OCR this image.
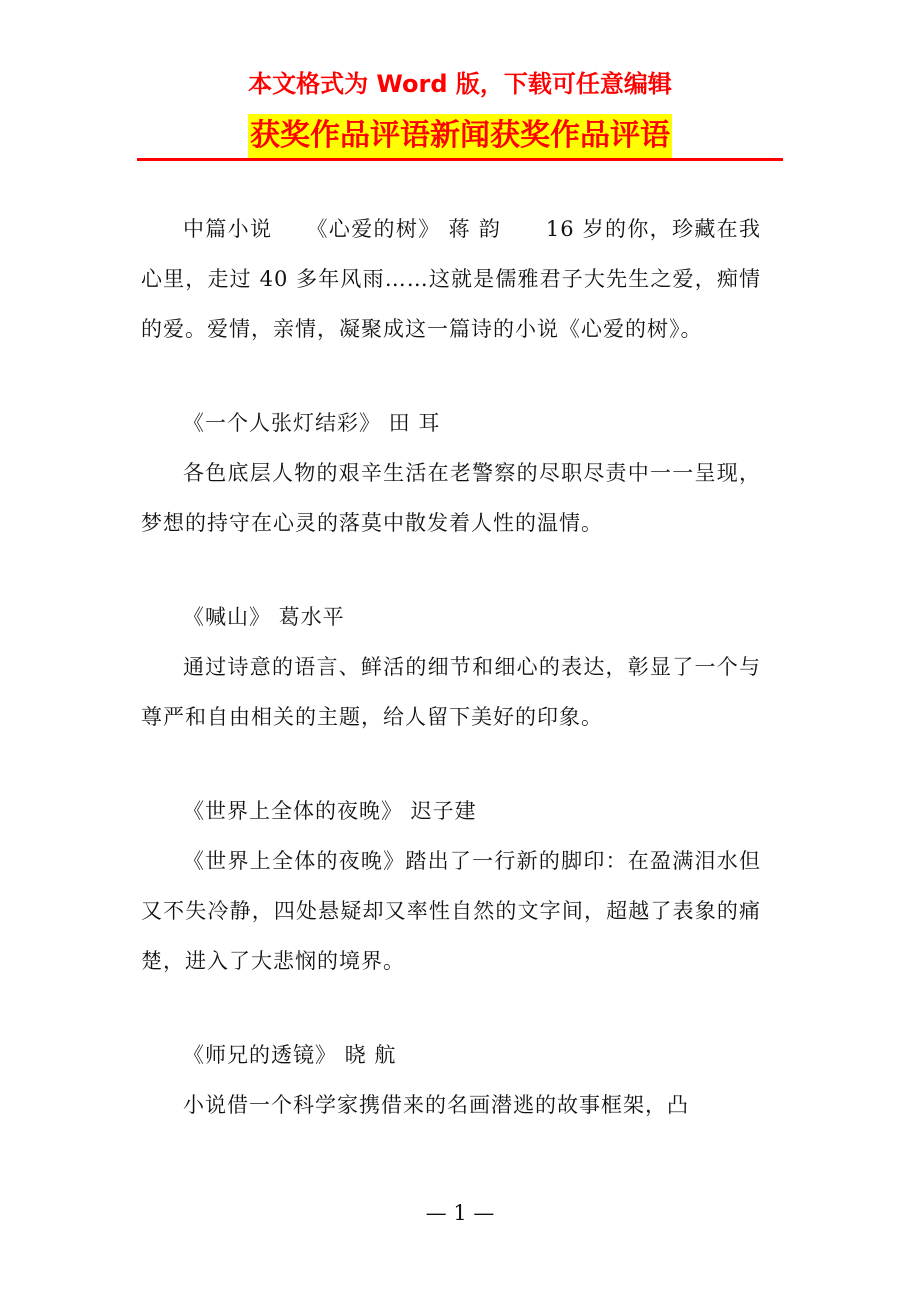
本文格式为 Word 版，下载可任意编辑
获奖作品评语新闻获奖作品评语

中篇小说　　《心爱的树》 蒋 韵　　16 岁的你，珍藏在我心里，走过 40 多年风雨……这就是儒雅君子大先生之爱，痴情的爱。爱情，亲情，凝聚成这一篇诗的小说《心爱的树》。

《一个人张灯结彩》 田 耳

各色底层人物的艰辛生活在老警察的尽职尽责中一一呈现，梦想的持守在心灵的落莫中散发着人性的温情。

《喊山》 葛水平

通过诗意的语言、鲜活的细节和细心的表达，彰显了一个与尊严和自由相关的主题，给人留下美好的印象。

《世界上全体的夜晚》 迟子建

《世界上全体的夜晚》踏出了一行新的脚印：在盈满泪水但又不失冷静，四处悬疑却又率性自然的文字间，超越了表象的痛楚，进入了大悲悯的境界。

《师兄的透镜》 晓 航

小说借一个科学家携借来的名画潜逃的故事框架，凸

— 1 —
